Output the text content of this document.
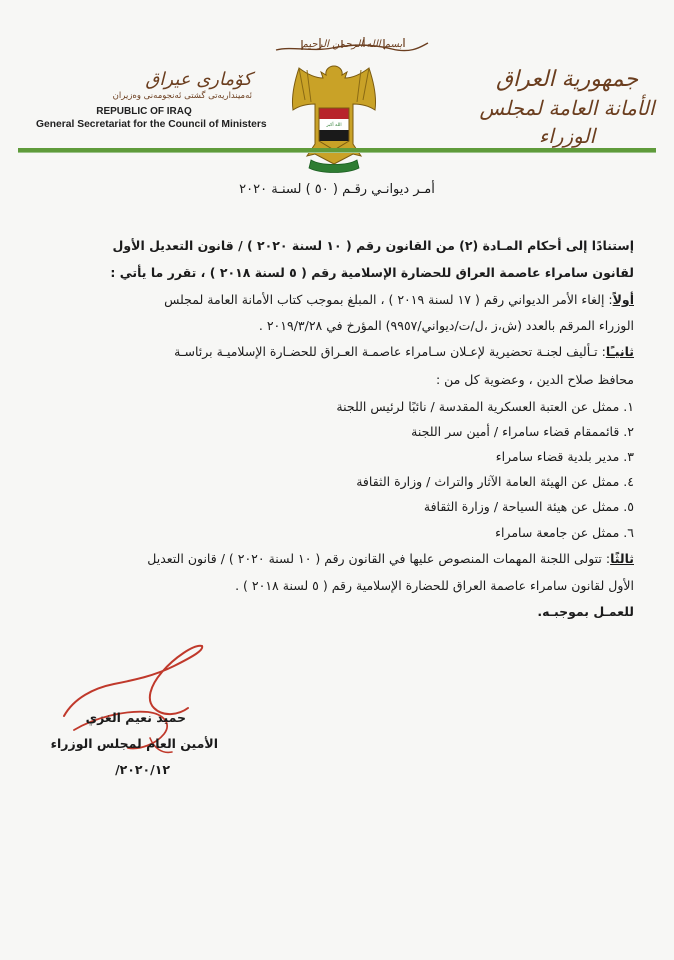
بسم الله الرحمن الرحيم
جمهورية العراق
الأمانة العامة لمجلس الوزراء
كۆماری عیراق
ئه‌مینداریه‌تی گشتی ئه‌نجومه‌نی وه‌زیران
REPUBLIC OF IRAQ
General Secretariat for the Council of Ministers	الله أكبر
أمـر ديوانـي رقـم ( ٥٠ ) لسنـة ٢٠٢٠
إستنادًا إلى أحكام المـادة (٢) من القانون رقم ( ١٠ لسنة ٢٠٢٠ ) / قانون التعديل الأول
لقانون سامراء عاصمة العراق للحضارة الإسلامية رقم ( ٥ لسنة ٢٠١٨ ) ، تقرر ما يأتي :
أولاً: إلغاء الأمر الديواني رقم ( ١٧ لسنة ٢٠١٩ ) ، المبلغ بموجب كتاب الأمانة العامة لمجلس
الوزراء المرقم بالعدد (ش،ز ،ل/ت/ديواني/٩٩٥٧) المؤرخ في ٢٠١٩/٣/٢٨ .
ثانيـًا: تـأليف لجنـة تحضيرية لإعـلان سـامراء عاصمـة العـراق للحضـارة الإسلاميـة برئاسـة
محافظ صلاح الدين ، وعضوية كل من :
١. ممثل عن العتبة العسكرية المقدسة / نائبًا لرئيس اللجنة
٢. قائممقام قضاء سامراء / أمين سر اللجنة
٣. مدير بلدية قضاء سامراء
٤. ممثل عن الهيئة العامة الآثار والتراث / وزارة الثقافة
٥. ممثل عن هيئة السياحة / وزارة الثقافة
٦. ممثل عن جامعة سامراء
ثالثًا: تتولى اللجنة المهمات المنصوص عليها في القانون رقم ( ١٠ لسنة ٢٠٢٠ ) / قانون التعديل
الأول لقانون سامراء عاصمة العراق للحضارة الإسلامية رقم ( ٥ لسنة ٢٠١٨ ) .
للعمـل بموجبـه.
حميد نعيم الغزي
الأمين العام لمجلس الوزراء
٢٠٢٠/١٢/
